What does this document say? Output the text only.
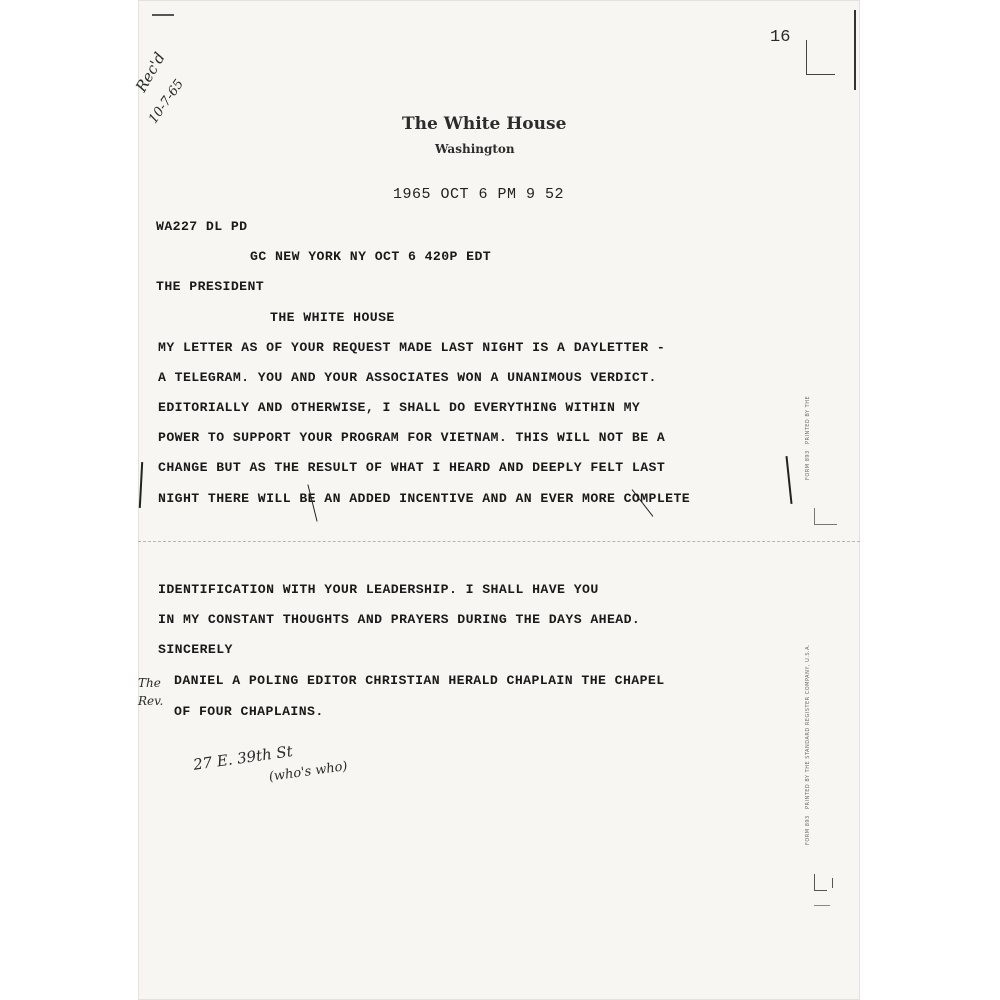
16
Rec'd
10-7-65	The White House
Washington
1965 OCT 6 PM 9 52
WA227 DL PD
GC NEW YORK NY OCT 6 420P EDT
THE PRESIDENT
THE WHITE HOUSE
MY LETTER AS OF YOUR REQUEST MADE LAST NIGHT IS A DAYLETTER -
A TELEGRAM. YOU AND YOUR ASSOCIATES WON A UNANIMOUS VERDICT.
EDITORIALLY AND OTHERWISE, I SHALL DO EVERYTHING WITHIN MY
POWER TO SUPPORT YOUR PROGRAM FOR VIETNAM. THIS WILL NOT BE A
CHANGE BUT AS THE RESULT OF WHAT I HEARD AND DEEPLY FELT LAST
NIGHT THERE WILL BE AN ADDED INCENTIVE AND AN EVER MORE COMPLETE
IDENTIFICATION WITH YOUR LEADERSHIP. I SHALL HAVE YOU
IN MY CONSTANT THOUGHTS AND PRAYERS DURING THE DAYS AHEAD.
SINCERELY
DANIEL A POLING EDITOR CHRISTIAN HERALD CHAPLAIN THE CHAPEL
OF FOUR CHAPLAINS.
The
Rev.
27 E. 39th St
(who's who)
FORM 893   PRINTED BY THE
FORM 893   PRINTED BY THE STANDARD REGISTER COMPANY, U.S.A.
